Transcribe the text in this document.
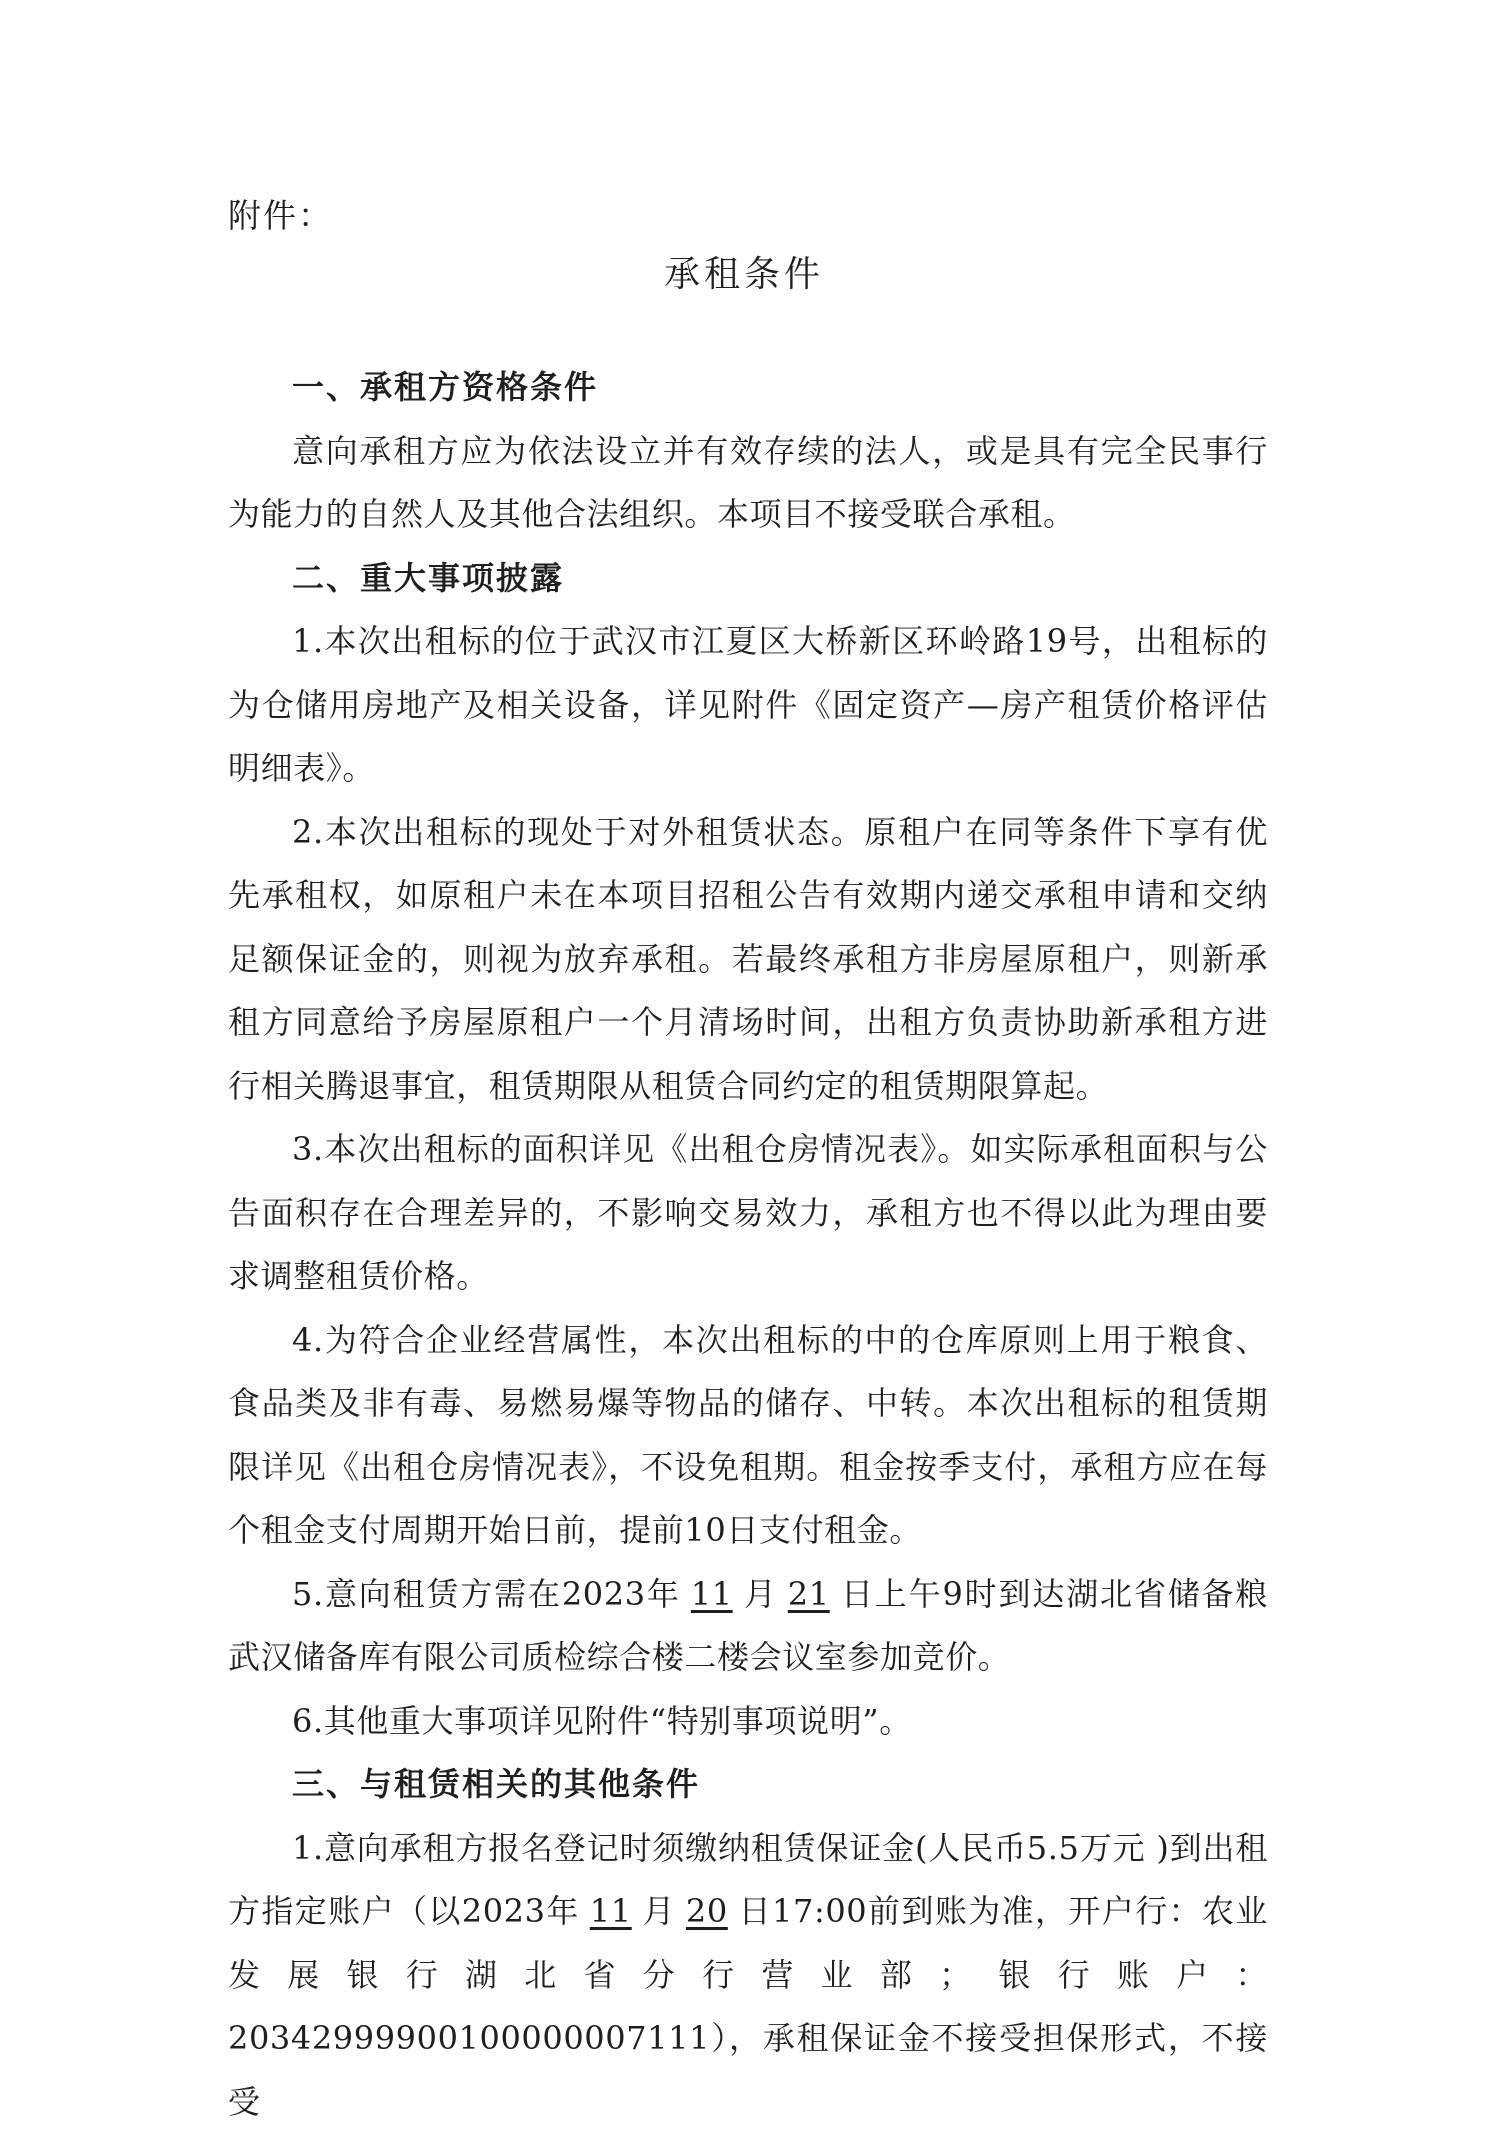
附件：
承租条件

一、承租方资格条件

意向承租方应为依法设立并有效存续的法人，或是具有完全民事行为能力的自然人及其他合法组织。本项目不接受联合承租。

二、重大事项披露

1.本次出租标的位于武汉市江夏区大桥新区环岭路19号，出租标的为仓储用房地产及相关设备，详见附件《固定资产—房产租赁价格评估明细表》。

2.本次出租标的现处于对外租赁状态。原租户在同等条件下享有优先承租权，如原租户未在本项目招租公告有效期内递交承租申请和交纳足额保证金的，则视为放弃承租。若最终承租方非房屋原租户，则新承租方同意给予房屋原租户一个月清场时间，出租方负责协助新承租方进行相关腾退事宜，租赁期限从租赁合同约定的租赁期限算起。

3.本次出租标的面积详见《出租仓房情况表》。如实际承租面积与公告面积存在合理差异的，不影响交易效力，承租方也不得以此为理由要求调整租赁价格。

4.为符合企业经营属性，本次出租标的中的仓库原则上用于粮食、食品类及非有毒、易燃易爆等物品的储存、中转。本次出租标的租赁期限详见《出租仓房情况表》，不设免租期。租金按季支付，承租方应在每个租金支付周期开始日前，提前10日支付租金。

5.意向租赁方需在2023年 11 月 21 日上午9时到达湖北省储备粮武汉储备库有限公司质检综合楼二楼会议室参加竞价。

6.其他重大事项详见附件“特别事项说明”。

三、与租赁相关的其他条件

1.意向承租方报名登记时须缴纳租赁保证金(人民币5.5万元 )到出租方指定账户（以2023年 11 月 20 日17:00前到账为准，开户行：农业发展银行湖北省分行营业部；银行账户：20342999900100000007111），承租保证金不接受担保形式，不接受
